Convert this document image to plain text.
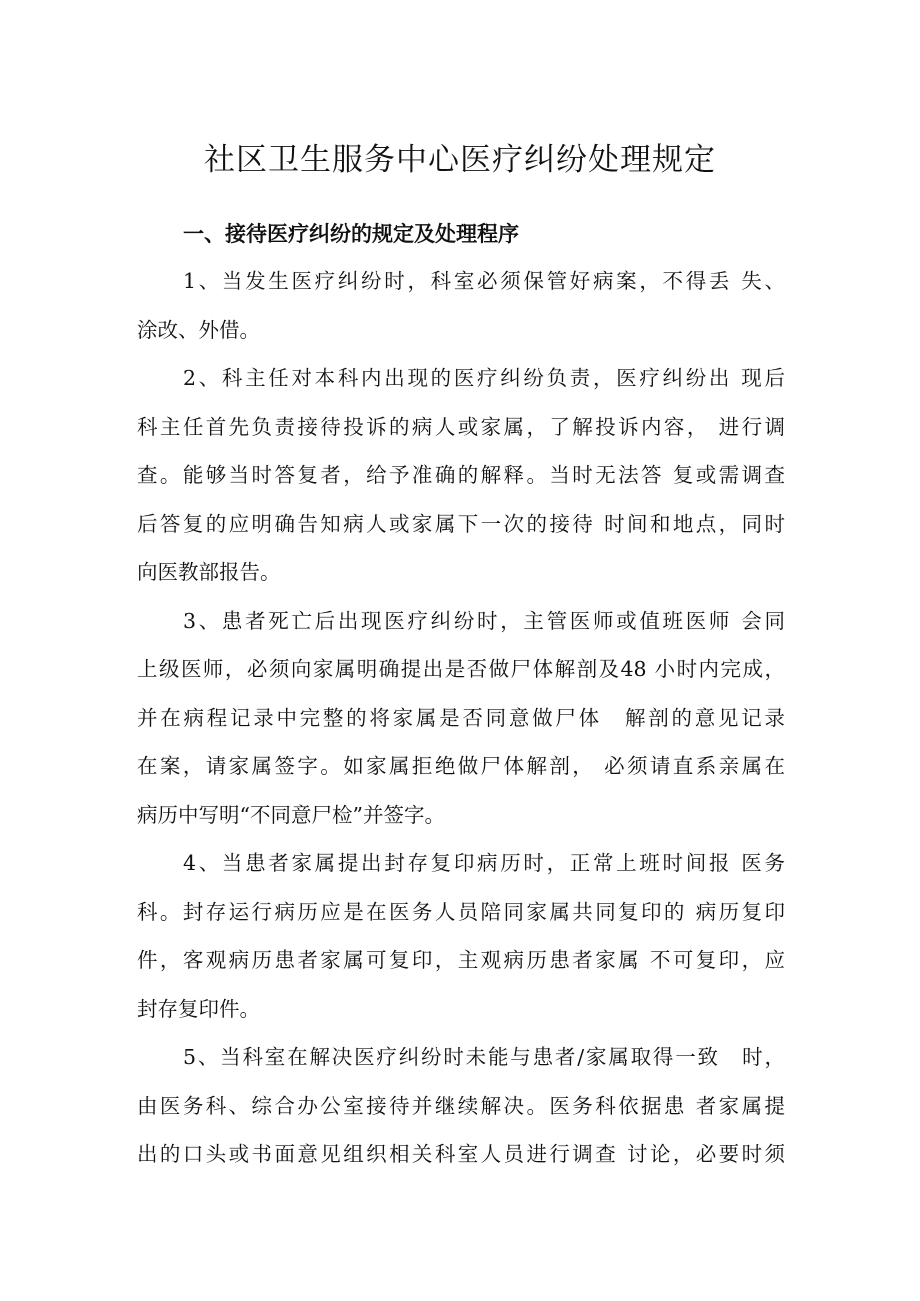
社区卫生服务中心医疗纠纷处理规定
一、接待医疗纠纷的规定及处理程序
1、当发生医疗纠纷时，科室必须保管好病案，不得丢 失、
涂改、外借。
2、科主任对本科内出现的医疗纠纷负责，医疗纠纷出 现后
科主任首先负责接待投诉的病人或家属，了解投诉内容， 进行调
查。能够当时答复者，给予准确的解释。当时无法答 复或需调查
后答复的应明确告知病人或家属下一次的接待 时间和地点，同时
向医教部报告。
3、患者死亡后出现医疗纠纷时，主管医师或值班医师 会同
上级医师，必须向家属明确提出是否做尸体解剖及48 小时内完成，
并在病程记录中完整的将家属是否同意做尸体　解剖的意见记录
在案，请家属签字。如家属拒绝做尸体解剖， 必须请直系亲属在
病历中写明“不同意尸检”并签字。
4、当患者家属提出封存复印病历时，正常上班时间报 医务
科。封存运行病历应是在医务人员陪同家属共同复印的 病历复印
件，客观病历患者家属可复印，主观病历患者家属 不可复印，应
封存复印件。
5、当科室在解决医疗纠纷时未能与患者/家属取得一致　时，
由医务科、综合办公室接待并继续解决。医务科依据患 者家属提
出的口头或书面意见组织相关科室人员进行调查 讨论，必要时须
